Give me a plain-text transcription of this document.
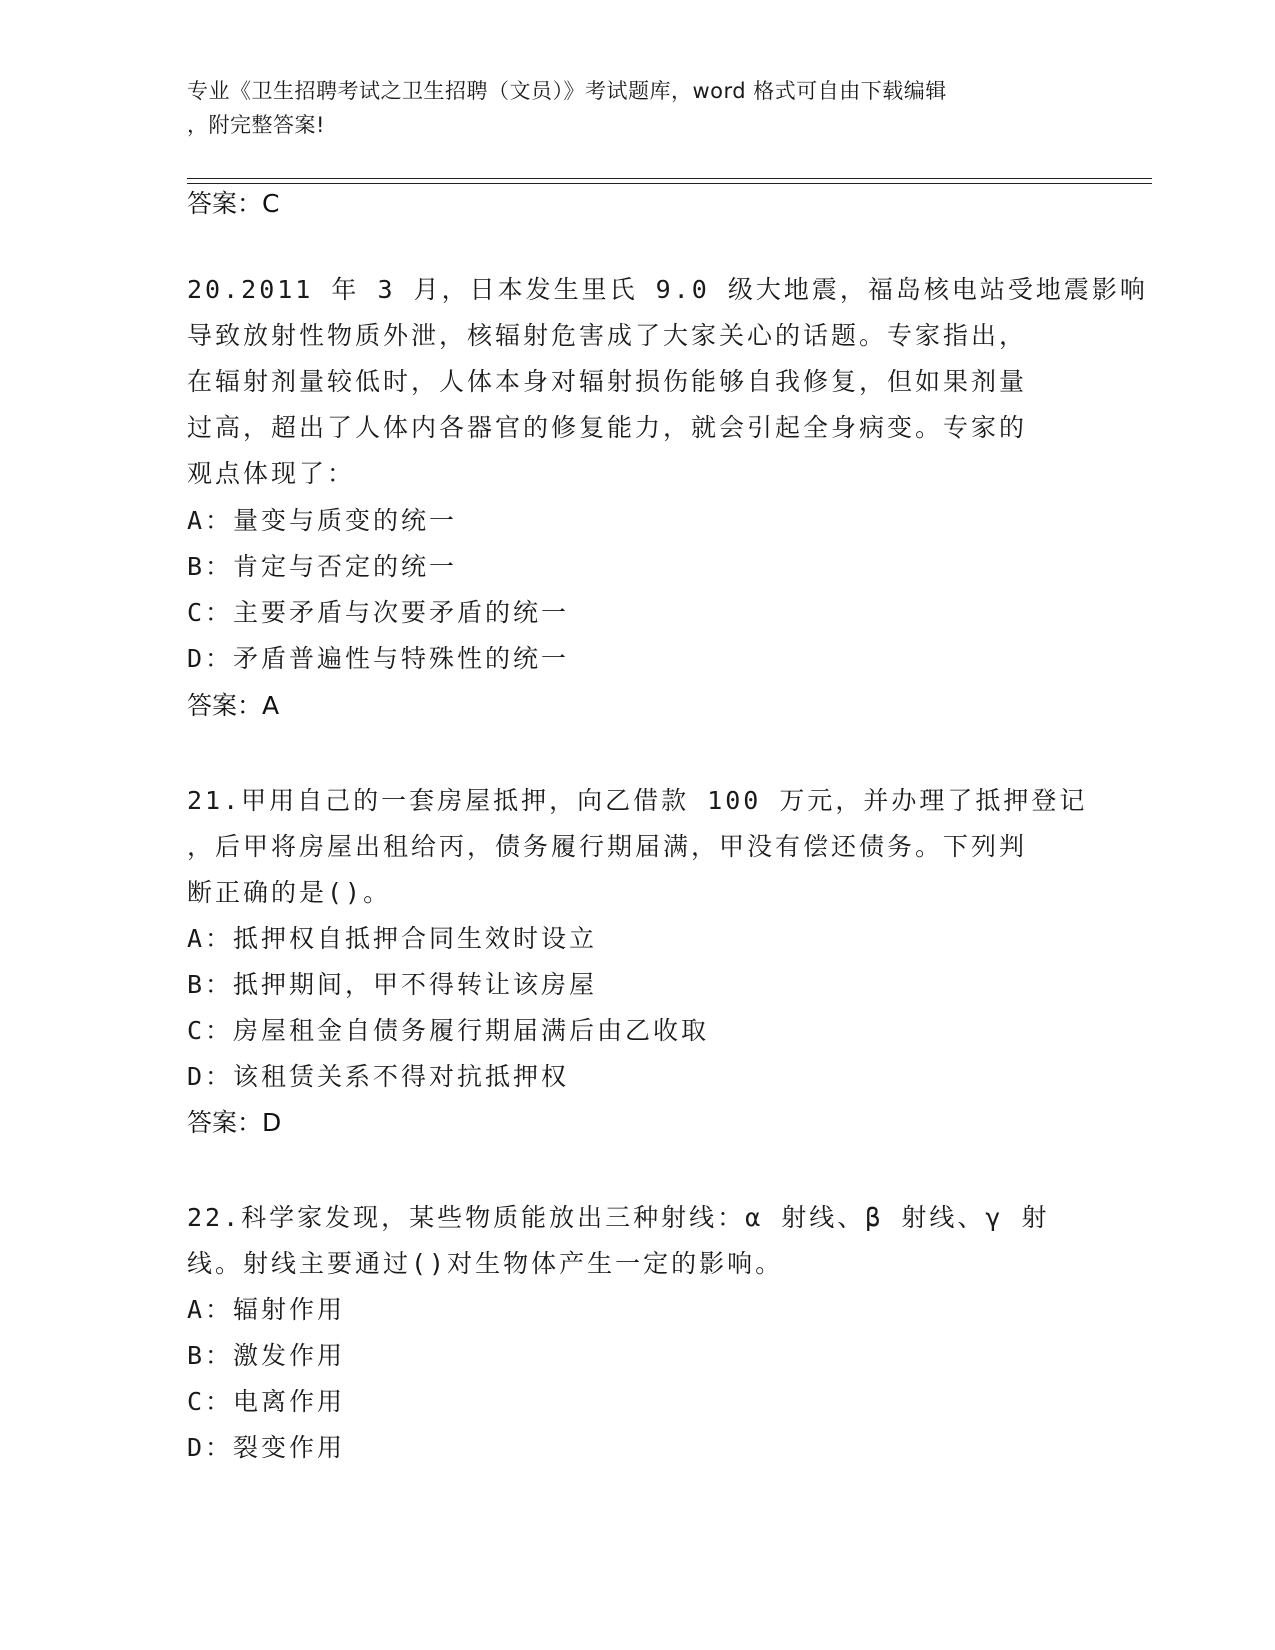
专业《卫生招聘考试之卫生招聘（文员）》考试题库，word 格式可自由下载编辑
，附完整答案!
答案：C
20.2011 年 3 月，日本发生里氏 9.0 级大地震，福岛核电站受地震影响
导致放射性物质外泄，核辐射危害成了大家关心的话题。专家指出，
在辐射剂量较低时，人体本身对辐射损伤能够自我修复，但如果剂量
过高，超出了人体内各器官的修复能力，就会引起全身病变。专家的
观点体现了：
A：量变与质变的统一
B：肯定与否定的统一
C：主要矛盾与次要矛盾的统一
D：矛盾普遍性与特殊性的统一
答案：A
21.甲用自己的一套房屋抵押，向乙借款 100 万元，并办理了抵押登记
，后甲将房屋出租给丙，债务履行期届满，甲没有偿还债务。下列判
断正确的是()。
A：抵押权自抵押合同生效时设立
B：抵押期间，甲不得转让该房屋
C：房屋租金自债务履行期届满后由乙收取
D：该租赁关系不得对抗抵押权
答案：D
22.科学家发现，某些物质能放出三种射线：α 射线、β 射线、γ 射
线。射线主要通过()对生物体产生一定的影响。
A：辐射作用
B：激发作用
C：电离作用
D：裂变作用
